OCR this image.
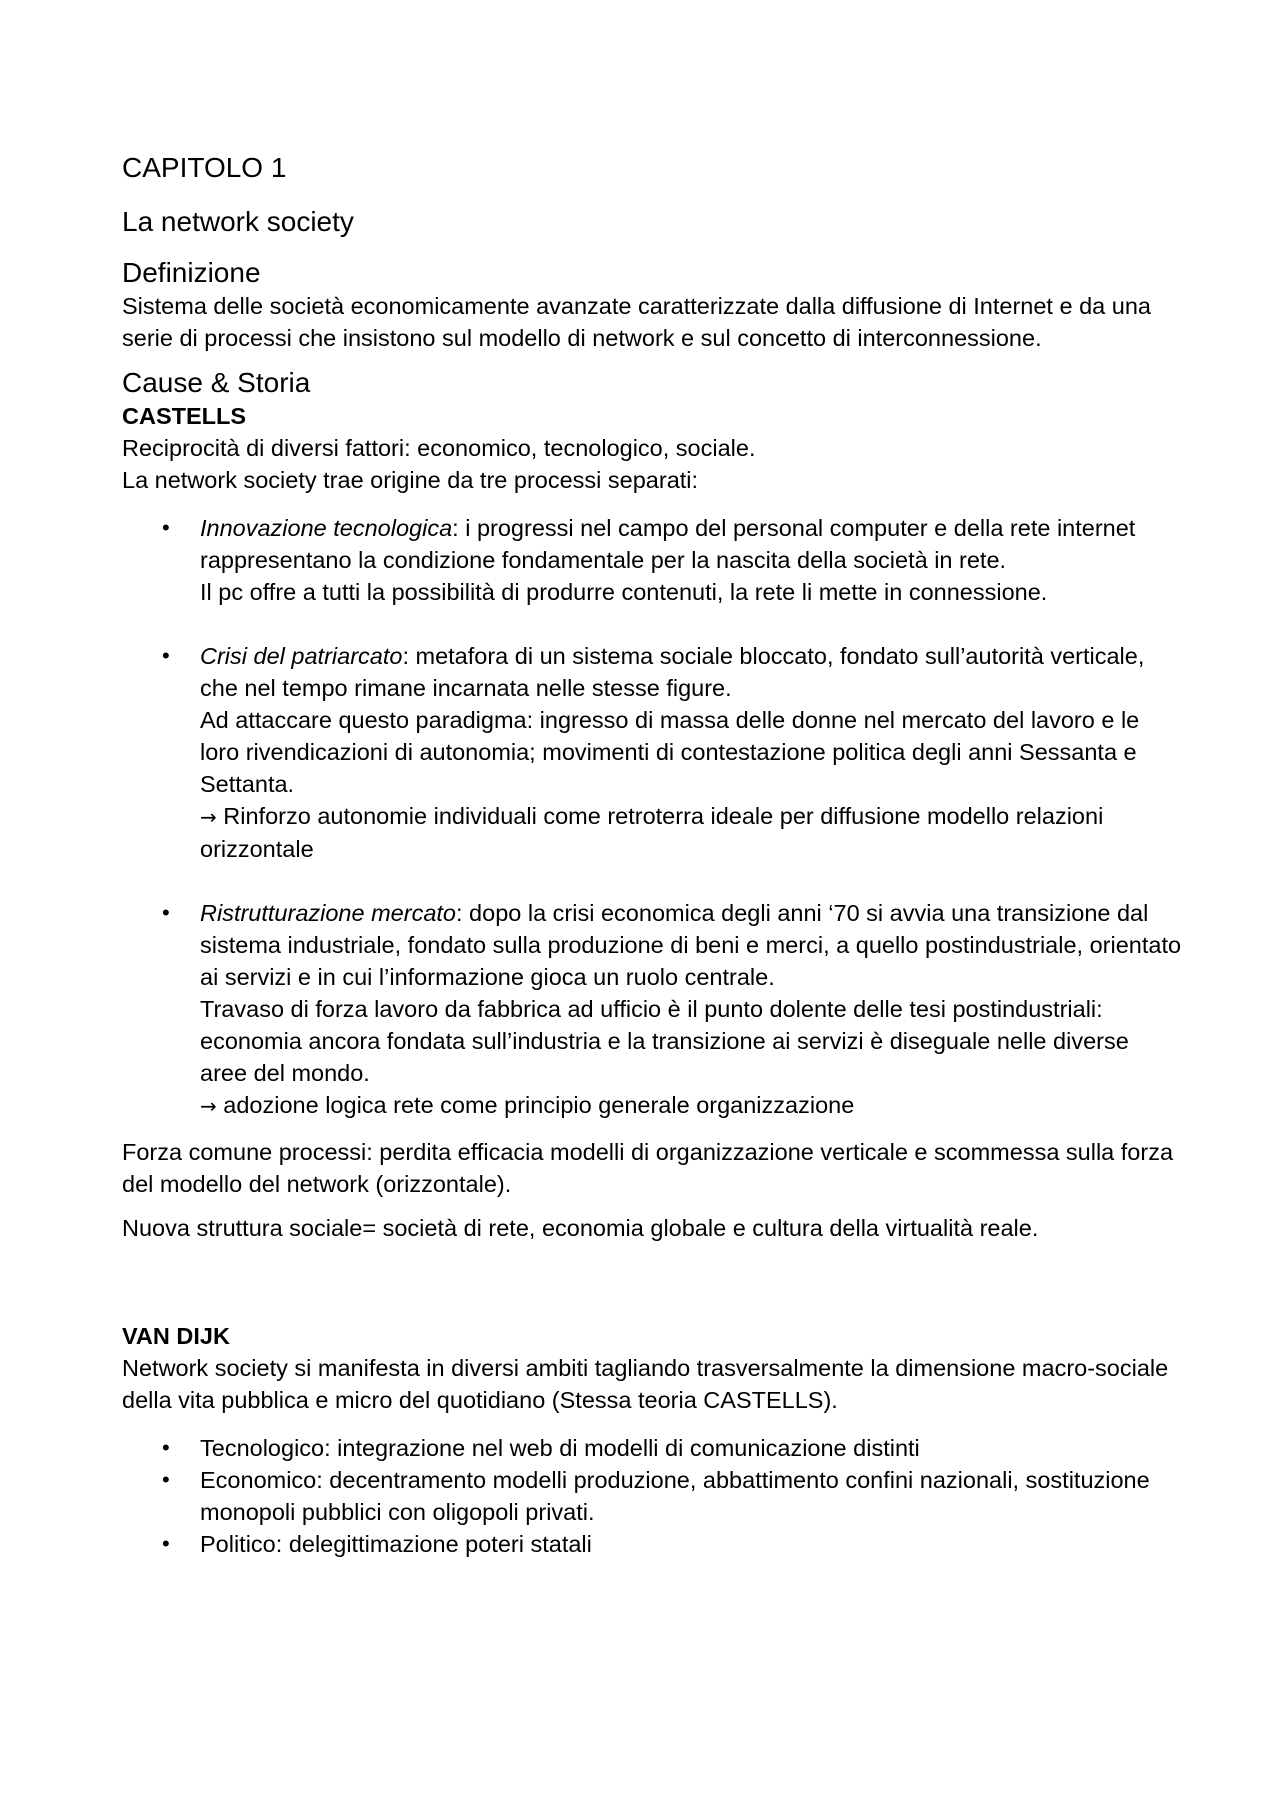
CAPITOLO 1
La network society
Definizione

Sistema delle società economicamente avanzate caratterizzate dalla diffusione di Internet e da una serie di processi che insistono sul modello di network e sul concetto di interconnessione.

Cause & Storia
CASTELLS
Reciprocità di diversi fattori: economico, tecnologico, sociale.
La network society trae origine da tre processi separati:
• Innovazione tecnologica: i progressi nel campo del personal computer e della rete internet rappresentano la condizione fondamentale per la nascita della società in rete.
Il pc offre a tutti la possibilità di produrre contenuti, la rete li mette in connessione.
• Crisi del patriarcato: metafora di un sistema sociale bloccato, fondato sull’autorità verticale, che nel tempo rimane incarnata nelle stesse figure.
Ad attaccare questo paradigma: ingresso di massa delle donne nel mercato del lavoro e le loro rivendicazioni di autonomia; movimenti di contestazione politica degli anni Sessanta e Settanta.
→ Rinforzo autonomie individuali come retroterra ideale per diffusione modello relazioni orizzontale
• Ristrutturazione mercato: dopo la crisi economica degli anni ‘70 si avvia una transizione dal sistema industriale, fondato sulla produzione di beni e merci, a quello postindustriale, orientato ai servizi e in cui l’informazione gioca un ruolo centrale.
Travaso di forza lavoro da fabbrica ad ufficio è il punto dolente delle tesi postindustriali: economia ancora fondata sull’industria e la transizione ai servizi è diseguale nelle diverse aree del mondo.
→ adozione logica rete come principio generale organizzazione

Forza comune processi: perdita efficacia modelli di organizzazione verticale e scommessa sulla forza del modello del network (orizzontale).

Nuova struttura sociale= società di rete, economia globale e cultura della virtualità reale.

VAN DIJK

Network society si manifesta in diversi ambiti tagliando trasversalmente la dimensione macro-sociale della vita pubblica e micro del quotidiano (Stessa teoria CASTELLS).

• Tecnologico: integrazione nel web di modelli di comunicazione distinti
• Economico: decentramento modelli produzione, abbattimento confini nazionali, sostituzione monopoli pubblici con oligopoli privati.
• Politico: delegittimazione poteri statali
